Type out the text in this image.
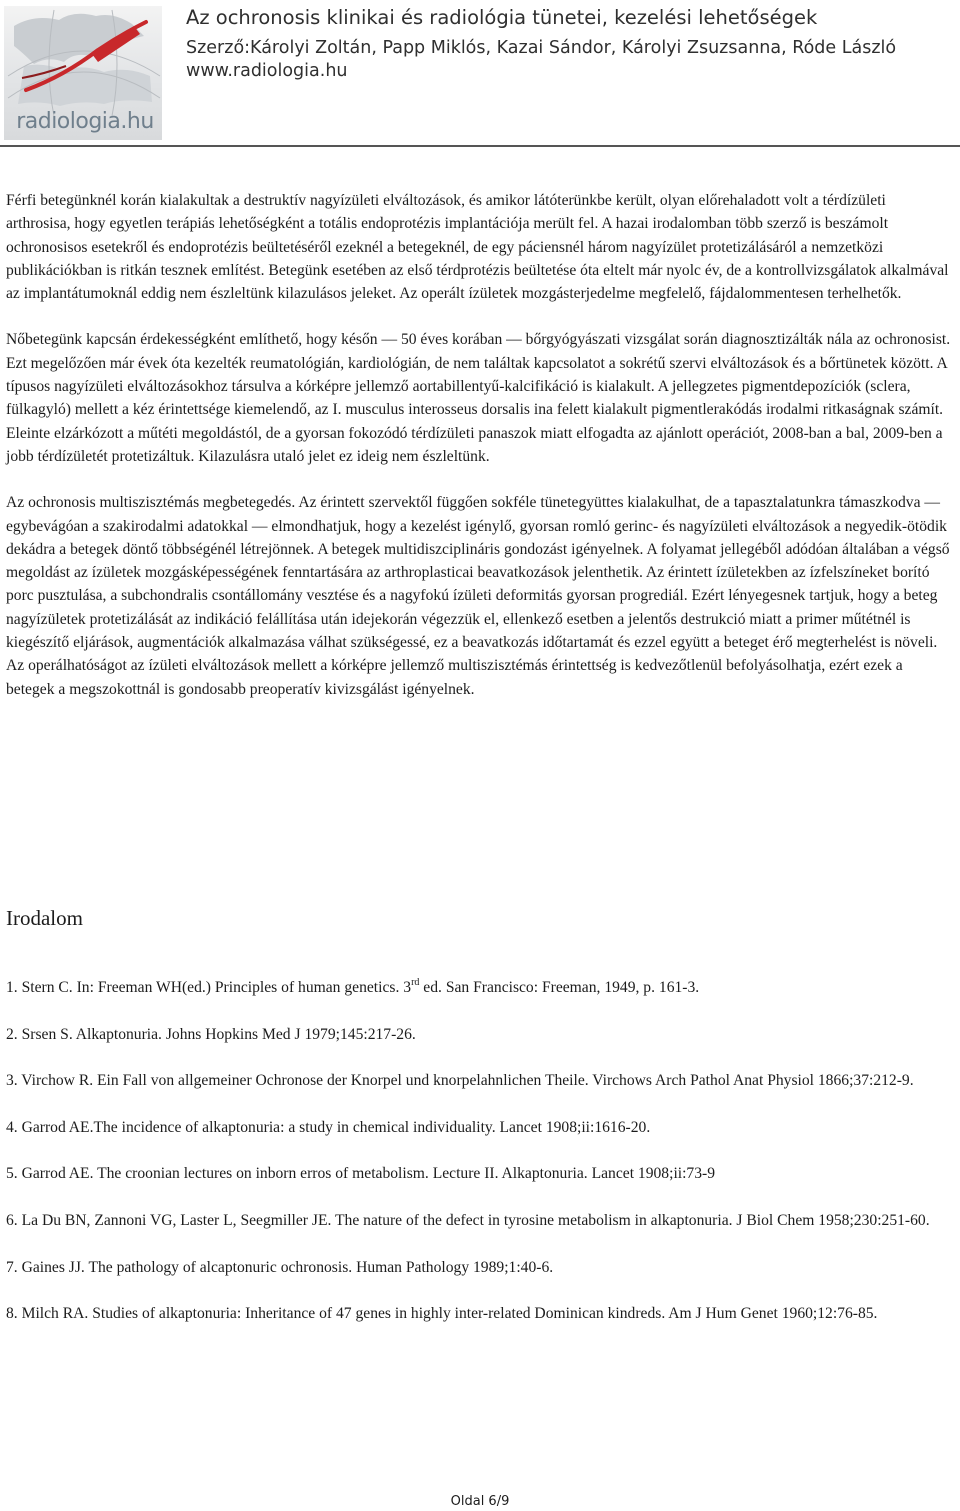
radiologia.hu
Az ochronosis klinikai és radiológia tünetei, kezelési lehetőségek
Szerző:Károlyi Zoltán, Papp Miklós, Kazai Sándor, Károlyi Zsuzsanna, Róde László
www.radiologia.hu

Férfi betegünknél korán kialakultak a destruktív nagyízületi elváltozások, és amikor látóterünkbe került, olyan előrehaladott volt a térdízületi arthrosisa, hogy egyetlen terápiás lehetőségként a totális endoprotézis implantációja merült fel. A hazai irodalomban több szerző is beszámolt ochronosisos esetekről és endoprotézis beültetéséről ezeknél a betegeknél, de egy páciensnél három nagyízület protetizálásáról a nemzetközi publikációkban is ritkán tesznek említést. Betegünk esetében az első térdprotézis beültetése óta eltelt már nyolc év, de a kontrollvizsgálatok alkalmával az implantátumoknál eddig nem észleltünk kilazulásos jeleket. Az operált ízületek mozgásterjedelme megfelelő, fájdalommentesen terhelhetők.

Nőbetegünk kapcsán érdekességként említhető, hogy későn — 50 éves korában — bőrgyógyászati vizsgálat során diagnosztizálták nála az ochronosist. Ezt megelőzően már évek óta kezelték reumatológián, kardiológián, de nem találtak kapcsolatot a sokrétű szervi elváltozások és a bőrtünetek között. A típusos nagyízületi elváltozásokhoz társulva a kórképre jellemző aortabillentyű-kalcifikáció is kialakult. A jellegzetes pigmentdepozíciók (sclera, fülkagyló) mellett a kéz érintettsége kiemelendő, az I. musculus interosseus dorsalis ina felett kialakult pigmentlerakódás irodalmi ritkaságnak számít. Eleinte elzárkózott a műtéti megoldástól, de a gyorsan fokozódó térdízületi panaszok miatt elfogadta az ajánlott operációt, 2008-ban a bal, 2009-ben a jobb térdízületét protetizáltuk. Kilazulásra utaló jelet ez ideig nem észleltünk.

Az ochronosis multiszisztémás megbetegedés. Az érintett szervektől függően sokféle tünetegyüttes kialakulhat, de a tapasztalatunkra támaszkodva — egybevágóan a szakirodalmi adatokkal — elmondhatjuk, hogy a kezelést igénylő, gyorsan romló gerinc- és nagyízületi elváltozások a negyedik-ötödik dekádra a betegek döntő többségénél létrejönnek. A betegek multidiszciplináris gondozást igényelnek. A folyamat jellegéből adódóan általában a végső megoldást az ízületek mozgásképességének fenntartására az arthroplasticai beavatkozások jelenthetik. Az érintett ízületekben az ízfelszíneket borító porc pusztulása, a subchondralis csontállomány vesztése és a nagyfokú ízületi deformitás gyorsan progrediál. Ezért lényegesnek tartjuk, hogy a beteg nagyízületek protetizálását az indikáció felállítása után idejekorán végezzük el, ellenkező esetben a jelentős destrukció miatt a primer műtétnél is kiegészítő eljárások, augmentációk alkalmazása válhat szükségessé, ez a beavatkozás időtartamát és ezzel együtt a beteget érő megterhelést is növeli. Az operálhatóságot az ízületi elváltozások mellett a kórképre jellemző multiszisztémás érintettség is kedvezőtlenül befolyásolhatja, ezért ezek a betegek a megszokottnál is gondosabb preoperatív kivizsgálást igényelnek.

Irodalom

1. Stern C. In: Freeman WH(ed.) Principles of human genetics. 3rd ed. San Francisco: Freeman, 1949, p. 161-3.

2. Srsen S. Alkaptonuria. Johns Hopkins Med J 1979;145:217-26.

3. Virchow R. Ein Fall von allgemeiner Ochronose der Knorpel und knorpelahnlichen Theile. Virchows Arch Pathol Anat Physiol 1866;37:212-9.

4. Garrod AE.The incidence of alkaptonuria: a study in chemical individuality. Lancet 1908;ii:1616-20.

5. Garrod AE. The croonian lectures on inborn erros of metabolism. Lecture II. Alkaptonuria. Lancet 1908;ii:73-9

6. La Du BN, Zannoni VG, Laster L, Seegmiller JE. The nature of the defect in tyrosine metabolism in alkaptonuria. J Biol Chem 1958;230:251-60.

7. Gaines JJ. The pathology of alcaptonuric ochronosis. Human Pathology 1989;1:40-6.

8. Milch RA. Studies of alkaptonuria: Inheritance of 47 genes in highly inter-related Dominican kindreds. Am J Hum Genet 1960;12:76-85.

Oldal 6/9
